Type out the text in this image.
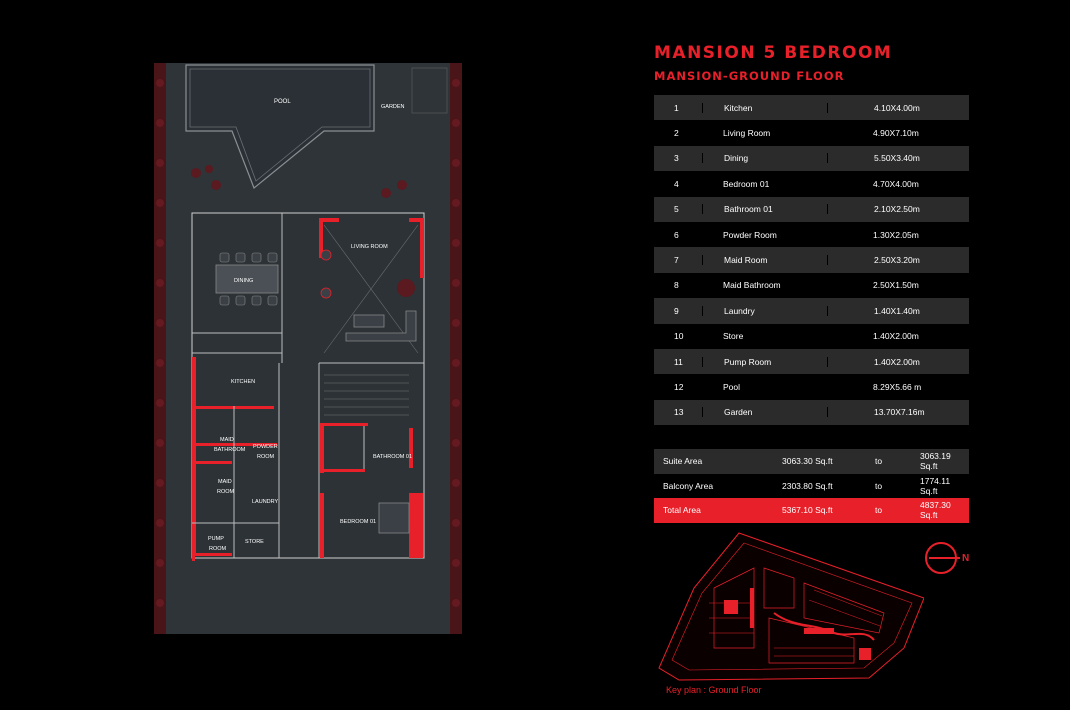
POOL
GARDEN
LIVING ROOM
DINING
KITCHEN
MAID
BATHROOM POWDER
ROOM
MAID
ROOM
LAUNDRY
BATHROOM 01
BEDROOM 01
PUMP
ROOM
STORE
MANSION 5 BEDROOM
MANSION-GROUND FLOOR
1	Kitchen	4.10X4.00m
2	Living Room	4.90X7.10m
3	Dining	5.50X3.40m
4	Bedroom 01	4.70X4.00m
5	Bathroom 01	2.10X2.50m
6	Powder Room	1.30X2.05m
7	Maid Room	2.50X3.20m
8	Maid Bathroom	2.50X1.50m
9	Laundry	1.40X1.40m
10	Store	1.40X2.00m
11	Pump Room	1.40X2.00m
12	Pool	8.29X5.66 m
13	Garden	13.70X7.16m
Suite Area	3063.30 Sq.ft	to	3063.19 Sq.ft
Balcony Area	2303.80 Sq.ft	to	1774.11 Sq.ft
Total Area	5367.10 Sq.ft	to	4837.30 Sq.ft
N
Key plan : Ground Floor
